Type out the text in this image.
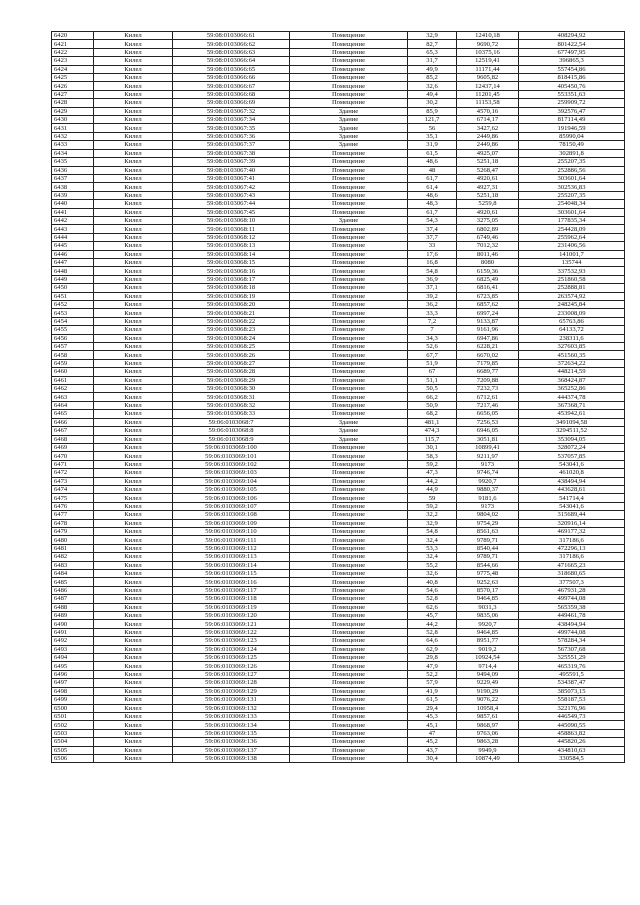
6420	Килел	59:08:0103066:61	Помещение	32,9	12410,18	408294,92
6421	Килел	59:08:0103066:62	Помещение	82,7	9690,72	801422,54
6422	Килел	59:08:0103066:63	Помещение	65,3	10375,16	677497,95
6423	Килел	59:08:0103066:64	Помещение	31,7	12519,41	396865,3
6424	Килел	59:08:0103066:65	Помещение	49,9	11171,44	557454,86
6425	Килел	59:08:0103066:66	Помещение	85,2	9605,82	818415,86
6426	Килел	59:08:0103066:67	Помещение	32,6	12437,14	405450,76
6427	Килел	59:08:0103066:68	Помещение	49,4	11201,45	553351,63
6428	Килел	59:08:0103066:69	Помещение	30,2	11153,58	259909,72
6429	Килел	59:08:0103067:32	Здание	85,9	4570,16	392576,47
6430	Килел	59:08:0103067:34	Здание	121,7	6714,17	817114,49
6431	Килел	59:08:0103067:35	Здание	56	3427,62	191946,59
6432	Килел	59:08:0103067:36	Здание	35,1	2449,86	85990,04
6433	Килел	59:08:0103067:37	Здание	31,9	2449,86	78150,49
6434	Килел	59:08:0103067:38	Помещение	61,5	4925,07	302891,8
6435	Килел	59:08:0103067:39	Помещение	48,6	5251,18	255207,35
6436	Килел	59:08:0103067:40	Помещение	48	5268,47	252886,56
6437	Килел	59:08:0103067:41	Помещение	61,7	4920,61	303601,64
6438	Килел	59:08:0103067:42	Помещение	61,4	4927,31	302536,83
6439	Килел	59:08:0103067:43	Помещение	48,6	5251,18	255207,35
6440	Килел	59:08:0103067:44	Помещение	48,3	5259,8	254048,34
6441	Килел	59:08:0103067:45	Помещение	61,7	4920,61	303601,64
6442	Килел	59:06:0103068:10	Здание	54,3	3275,05	177835,34
6443	Килел	59:06:0103068:11	Помещение	37,4	6802,89	254428,09
6444	Килел	59:06:0103068:12	Помещение	37,7	6749,46	255962,64
6445	Килел	59:06:0103068:13	Помещение	33	7012,32	231406,56
6446	Килел	59:06:0103068:14	Помещение	17,6	8011,46	141001,7
6447	Килел	59:06:0103068:15	Помещение	16,8	8080	135744
6448	Килел	59:06:0103068:16	Помещение	54,8	6159,36	337532,93
6449	Килел	59:06:0103068:17	Помещение	36,9	6825,49	251860,58
6450	Килел	59:06:0103068:18	Помещение	37,1	6816,41	252888,81
6451	Килел	59:06:0103068:19	Помещение	39,2	6723,85	263574,92
6452	Килел	59:06:0103068:20	Помещение	36,2	6857,62	248245,84
6453	Килел	59:06:0103068:21	Помещение	33,3	6997,24	233008,09
6454	Килел	59:06:0103068:22	Помещение	7,2	9133,87	65763,86
6455	Килел	59:06:0103068:23	Помещение	7	9161,96	64133,72
6456	Килел	59:06:0103068:24	Помещение	34,3	6947,86	238311,6
6457	Килел	59:06:0103068:25	Помещение	52,6	6228,21	327603,85
6458	Килел	59:06:0103068:26	Помещение	67,7	6670,02	451560,35
6459	Килел	59:06:0103068:27	Помещение	51,9	7179,85	372634,22
6460	Килел	59:06:0103068:28	Помещение	67	6689,77	448214,59
6461	Килел	59:06:0103068:29	Помещение	51,1	7209,88	368424,87
6462	Килел	59:06:0103068:30	Помещение	50,5	7232,73	365252,86
6463	Килел	59:06:0103068:31	Помещение	66,2	6712,61	444374,78
6464	Килел	59:06:0103068:32	Помещение	50,9	7217,46	367368,71
6465	Килел	59:06:0103068:33	Помещение	68,2	6656,05	453942,61
6466	Килел	59:06:0103068:7	Здание	481,1	7256,53	3491094,58
6467	Килел	59:06:0103068:8	Здание	474,3	6946,05	3294511,52
6468	Килел	59:06:0103068:9	Здание	115,7	3051,81	353094,05
6469	Килел	59:06:0103069:100	Помещение	30,1	10899,41	328072,24
6470	Килел	59:06:0103069:101	Помещение	58,3	9211,97	537057,85
6471	Килел	59:06:0103069:102	Помещение	59,2	9173	543041,6
6472	Килел	59:06:0103069:103	Помещение	47,3	9746,74	461020,8
6473	Килел	59:06:0103069:104	Помещение	44,2	9920,7	438494,94
6474	Килел	59:06:0103069:105	Помещение	44,9	9880,37	443628,61
6475	Килел	59:06:0103069:106	Помещение	59	9181,6	541714,4
6476	Килел	59:06:0103069:107	Помещение	59,2	9173	543041,6
6477	Килел	59:06:0103069:108	Помещение	32,2	9804,02	315689,44
6478	Килел	59:06:0103069:109	Помещение	32,9	9754,29	320916,14
6479	Килел	59:06:0103069:110	Помещение	54,8	8561,63	469177,32
6480	Килел	59:06:0103069:111	Помещение	32,4	9789,71	317186,6
6481	Килел	59:06:0103069:112	Помещение	53,3	8540,44	472296,13
6482	Килел	59:06:0103069:113	Помещение	32,4	9789,71	317186,6
6483	Килел	59:06:0103069:114	Помещение	55,2	8544,66	471665,23
6484	Килел	59:06:0103069:115	Помещение	32,6	9775,48	318680,65
6485	Килел	59:06:0103069:116	Помещение	40,8	9252,63	377507,3
6486	Килел	59:06:0103069:117	Помещение	54,6	8570,17	467931,28
6487	Килел	59:06:0103069:118	Помещение	52,8	9464,85	499744,08
6488	Килел	59:06:0103069:119	Помещение	62,6	9031,3	565359,38
6489	Килел	59:06:0103069:120	Помещение	45,7	9835,06	449461,78
6490	Килел	59:06:0103069:121	Помещение	44,2	9920,7	438494,94
6491	Килел	59:06:0103069:122	Помещение	52,8	9464,85	499744,08
6492	Килел	59:06:0103069:123	Помещение	64,6	8951,77	578284,34
6493	Килел	59:06:0103069:124	Помещение	62,9	9019,2	567307,68
6494	Килел	59:06:0103069:125	Помещение	29,8	10924,54	325551,29
6495	Килел	59:06:0103069:126	Помещение	47,9	9714,4	465319,76
6496	Килел	59:06:0103069:127	Помещение	52,2	9494,09	495591,5
6497	Килел	59:06:0103069:128	Помещение	57,9	9229,49	534387,47
6498	Килел	59:06:0103069:129	Помещение	41,9	9190,29	385073,15
6499	Килел	59:06:0103069:131	Помещение	61,5	9076,22	558187,53
6500	Килел	59:06:0103069:132	Помещение	29,4	10958,4	322176,96
6501	Килел	59:06:0103069:133	Помещение	45,3	9857,61	446549,73
6502	Килел	59:06:0103069:134	Помещение	45,1	9868,97	445090,55
6503	Килел	59:06:0103069:135	Помещение	47	9763,06	458863,82
6504	Килел	59:06:0103069:136	Помещение	45,2	9863,28	445820,26
6505	Килел	59:06:0103069:137	Помещение	43,7	9949,9	434810,63
6506	Килел	59:06:0103069:138	Помещение	30,4	10874,49	330584,5
